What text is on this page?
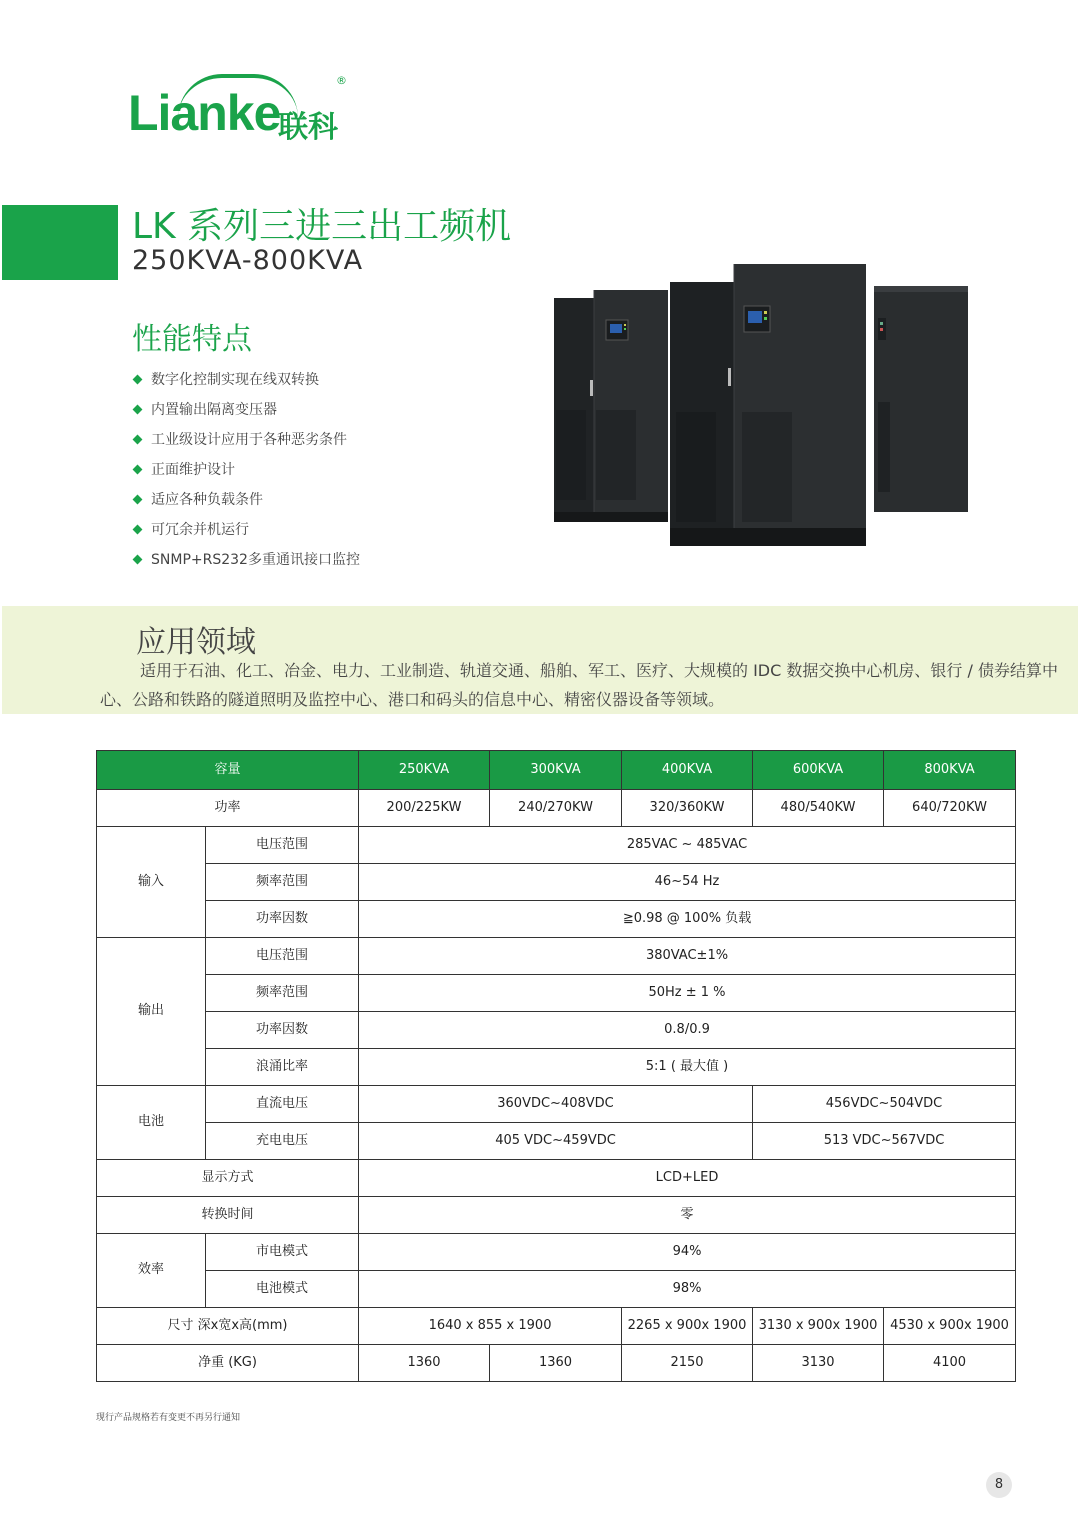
Lianke
联科
®
LK 系列三进三出工频机
250KVA-800KVA
性能特点
数字化控制实现在线双转换
内置输出隔离变压器
工业级设计应用于各种恶劣条件
正面维护设计
适应各种负载条件
可冗余并机运行
SNMP+RS232多重通讯接口监控
应用领域
适用于石油、化工、冶金、电力、工业制造、轨道交通、船舶、军工、医疗、大规模的 IDC 数据交换中心机房、银行 / 债券结算中心、公路和铁路的隧道照明及监控中心、港口和码头的信息中心、精密仪器设备等领域。
容量		250KVA	300KVA	400KVA	600KVA	800KVA
功率		200/225KW	240/270KW	320/360KW	480/540KW	640/720KW
输入	电压范围	285VAC ~ 485VAC				
	频率范围	46~54 Hz				
	功率因数	≧0.98 @ 100% 负载				
输出	电压范围	380VAC±1%				
	频率范围	50Hz ± 1 %				
	功率因数	0.8/0.9				
	浪涌比率	5:1 ( 最大值 )				
电池	直流电压	360VDC~408VDC			456VDC~504VDC	
	充电电压	405 VDC~459VDC			513 VDC~567VDC	
显示方式		LCD+LED				
转换时间		零				
效率	市电模式	94%				
	电池模式	98%				
尺寸 深x宽x高(mm)		1640 x 855 x 1900		2265 x 900x 1900	3130 x 900x 1900	4530 x 900x 1900
净重 (KG)		1360	1360	2150	3130	4100
现行产品规格若有变更不再另行通知
8
